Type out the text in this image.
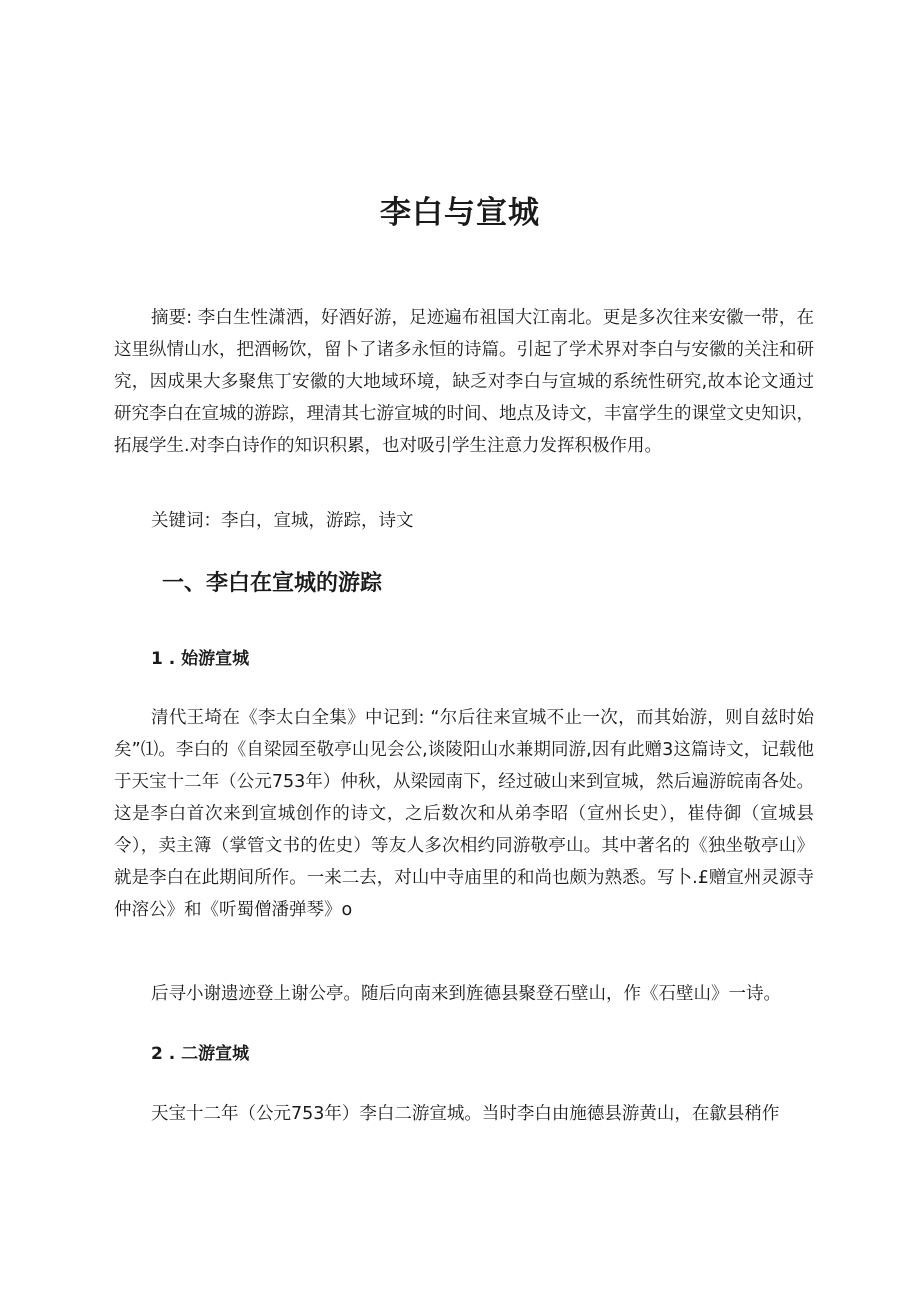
李白与宣城

摘要: 李白生性潇洒，好酒好游，足迹遍布祖国大江南北。更是多次往来安徽一带，在这里纵情山水，把酒畅饮，留卜了诸多永恒的诗篇。引起了学术界对李白与安徽的关注和研究，因成果大多聚焦丁安徽的大地域环境，缺乏对李白与宣城的系统性研究,故本论文通过研究李白在宣城的游踪，理清其七游宣城的时间、地点及诗文，丰富学生的课堂文史知识，拓展学生.对李白诗作的知识积累，也对吸引学生注意力发挥积极作用。

关键词：李白，宣城，游踪，诗文

一、李白在宣城的游踪
1 . 始游宣城

清代王埼在《李太白全集》中记到: “尔后往来宣城不止一次，而其始游，则自兹时始矣”⑴。李白的《自梁园至敬亭山见会公,谈陵阳山水兼期同游,因有此赠3这篇诗文，记载他于天宝十二年（公元753年）仲秋，从梁园南下，经过破山来到宣城，然后遍游皖南各处。这是李白首次来到宣城创作的诗文，之后数次和从弟李昭（宣州长史），崔侍御（宣城县令），卖主簿（掌管文书的佐史）等友人多次相约同游敬亭山。其中著名的《独坐敬亭山》就是李白在此期间所作。一来二去，对山中寺庙里的和尚也颇为熟悉。写卜.£赠宣州灵源寺仲溶公》和《听蜀僧潘弹琴》o

后寻小谢遗迹登上谢公亭。随后向南来到旌德县聚登石壁山，作《石壁山》一诗。

2 . 二游宣城

天宝十二年（公元753年）李白二游宣城。当时李白由施德县游黄山，在歙县稍作
